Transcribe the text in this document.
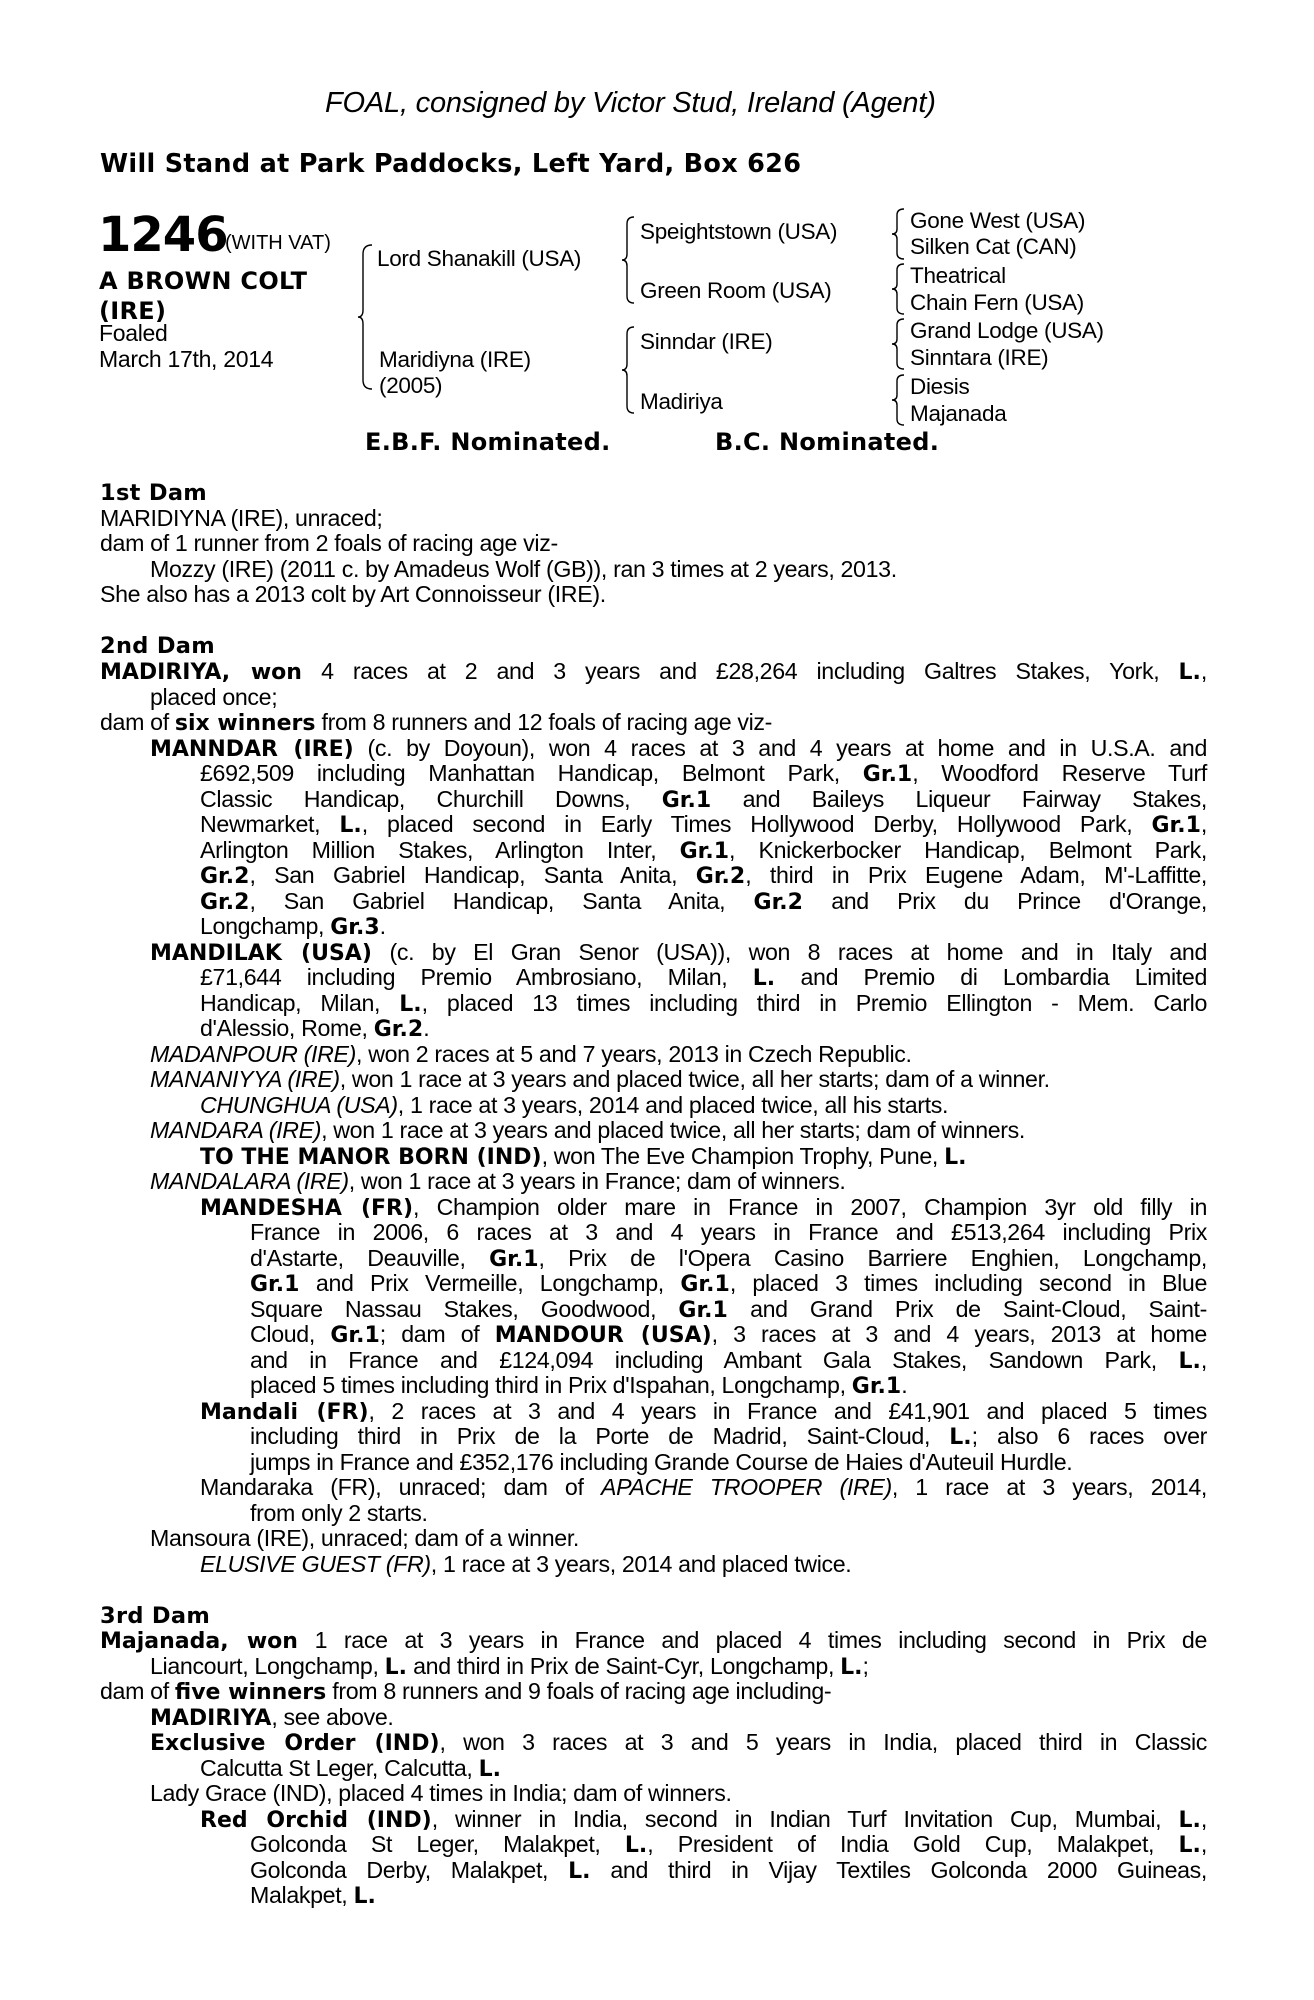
FOAL, consigned by Victor Stud, Ireland (Agent)
Will Stand at Park Paddocks, Left Yard, Box 626
1246
(WITH VAT)
A BROWN COLT
(IRE)
Foaled
March 17th, 2014
Lord Shanakill (USA)
Maridiyna (IRE)
(2005)
Speightstown (USA)
Green Room (USA)
Sinndar (IRE)
Madiriya
Gone West (USA)
Silken Cat (CAN)
Theatrical
Chain Fern (USA)
Grand Lodge (USA)
Sinntara (IRE)
Diesis
Majanada
E.B.F. Nominated.	B.C. Nominated.
1st Dam
MARIDIYNA (IRE), unraced;
dam of 1 runner from 2 foals of racing age viz-
Mozzy (IRE) (2011 c. by Amadeus Wolf (GB)), ran 3 times at 2 years, 2013.
She also has a 2013 colt by Art Connoisseur (IRE).
2nd Dam
MADIRIYA, won 4 races at 2 and 3 years and £28,264 including Galtres Stakes, York, L.,
placed once;
dam of six winners from 8 runners and 12 foals of racing age viz-
MANNDAR (IRE) (c. by Doyoun), won 4 races at 3 and 4 years at home and in U.S.A. and
£692,509 including Manhattan Handicap, Belmont Park, Gr.1, Woodford Reserve Turf
Classic Handicap, Churchill Downs, Gr.1 and Baileys Liqueur Fairway Stakes,
Newmarket, L., placed second in Early Times Hollywood Derby, Hollywood Park, Gr.1,
Arlington Million Stakes, Arlington Inter, Gr.1, Knickerbocker Handicap, Belmont Park,
Gr.2, San Gabriel Handicap, Santa Anita, Gr.2, third in Prix Eugene Adam, M'-Laffitte,
Gr.2, San Gabriel Handicap, Santa Anita, Gr.2 and Prix du Prince d'Orange,
Longchamp, Gr.3.
MANDILAK (USA) (c. by El Gran Senor (USA)), won 8 races at home and in Italy and
£71,644 including Premio Ambrosiano, Milan, L. and Premio di Lombardia Limited
Handicap, Milan, L., placed 13 times including third in Premio Ellington - Mem. Carlo
d'Alessio, Rome, Gr.2.
MADANPOUR (IRE), won 2 races at 5 and 7 years, 2013 in Czech Republic.
MANANIYYA (IRE), won 1 race at 3 years and placed twice, all her starts; dam of a winner.
CHUNGHUA (USA), 1 race at 3 years, 2014 and placed twice, all his starts.
MANDARA (IRE), won 1 race at 3 years and placed twice, all her starts; dam of winners.
TO THE MANOR BORN (IND), won The Eve Champion Trophy, Pune, L.
MANDALARA (IRE), won 1 race at 3 years in France; dam of winners.
MANDESHA (FR), Champion older mare in France in 2007, Champion 3yr old filly in
France in 2006, 6 races at 3 and 4 years in France and £513,264 including Prix
d'Astarte, Deauville, Gr.1, Prix de l'Opera Casino Barriere Enghien, Longchamp,
Gr.1 and Prix Vermeille, Longchamp, Gr.1, placed 3 times including second in Blue
Square Nassau Stakes, Goodwood, Gr.1 and Grand Prix de Saint-Cloud, Saint-
Cloud, Gr.1; dam of MANDOUR (USA), 3 races at 3 and 4 years, 2013 at home
and in France and £124,094 including Ambant Gala Stakes, Sandown Park, L.,
placed 5 times including third in Prix d'Ispahan, Longchamp, Gr.1.
Mandali (FR), 2 races at 3 and 4 years in France and £41,901 and placed 5 times
including third in Prix de la Porte de Madrid, Saint-Cloud, L.; also 6 races over
jumps in France and £352,176 including Grande Course de Haies d'Auteuil Hurdle.
Mandaraka (FR), unraced; dam of APACHE TROOPER (IRE), 1 race at 3 years, 2014,
from only 2 starts.
Mansoura (IRE), unraced; dam of a winner.
ELUSIVE GUEST (FR), 1 race at 3 years, 2014 and placed twice.
3rd Dam
Majanada, won 1 race at 3 years in France and placed 4 times including second in Prix de
Liancourt, Longchamp, L. and third in Prix de Saint-Cyr, Longchamp, L.;
dam of five winners from 8 runners and 9 foals of racing age including-
MADIRIYA, see above.
Exclusive Order (IND), won 3 races at 3 and 5 years in India, placed third in Classic
Calcutta St Leger, Calcutta, L.
Lady Grace (IND), placed 4 times in India; dam of winners.
Red Orchid (IND), winner in India, second in Indian Turf Invitation Cup, Mumbai, L.,
Golconda St Leger, Malakpet, L., President of India Gold Cup, Malakpet, L.,
Golconda Derby, Malakpet, L. and third in Vijay Textiles Golconda 2000 Guineas,
Malakpet, L.
